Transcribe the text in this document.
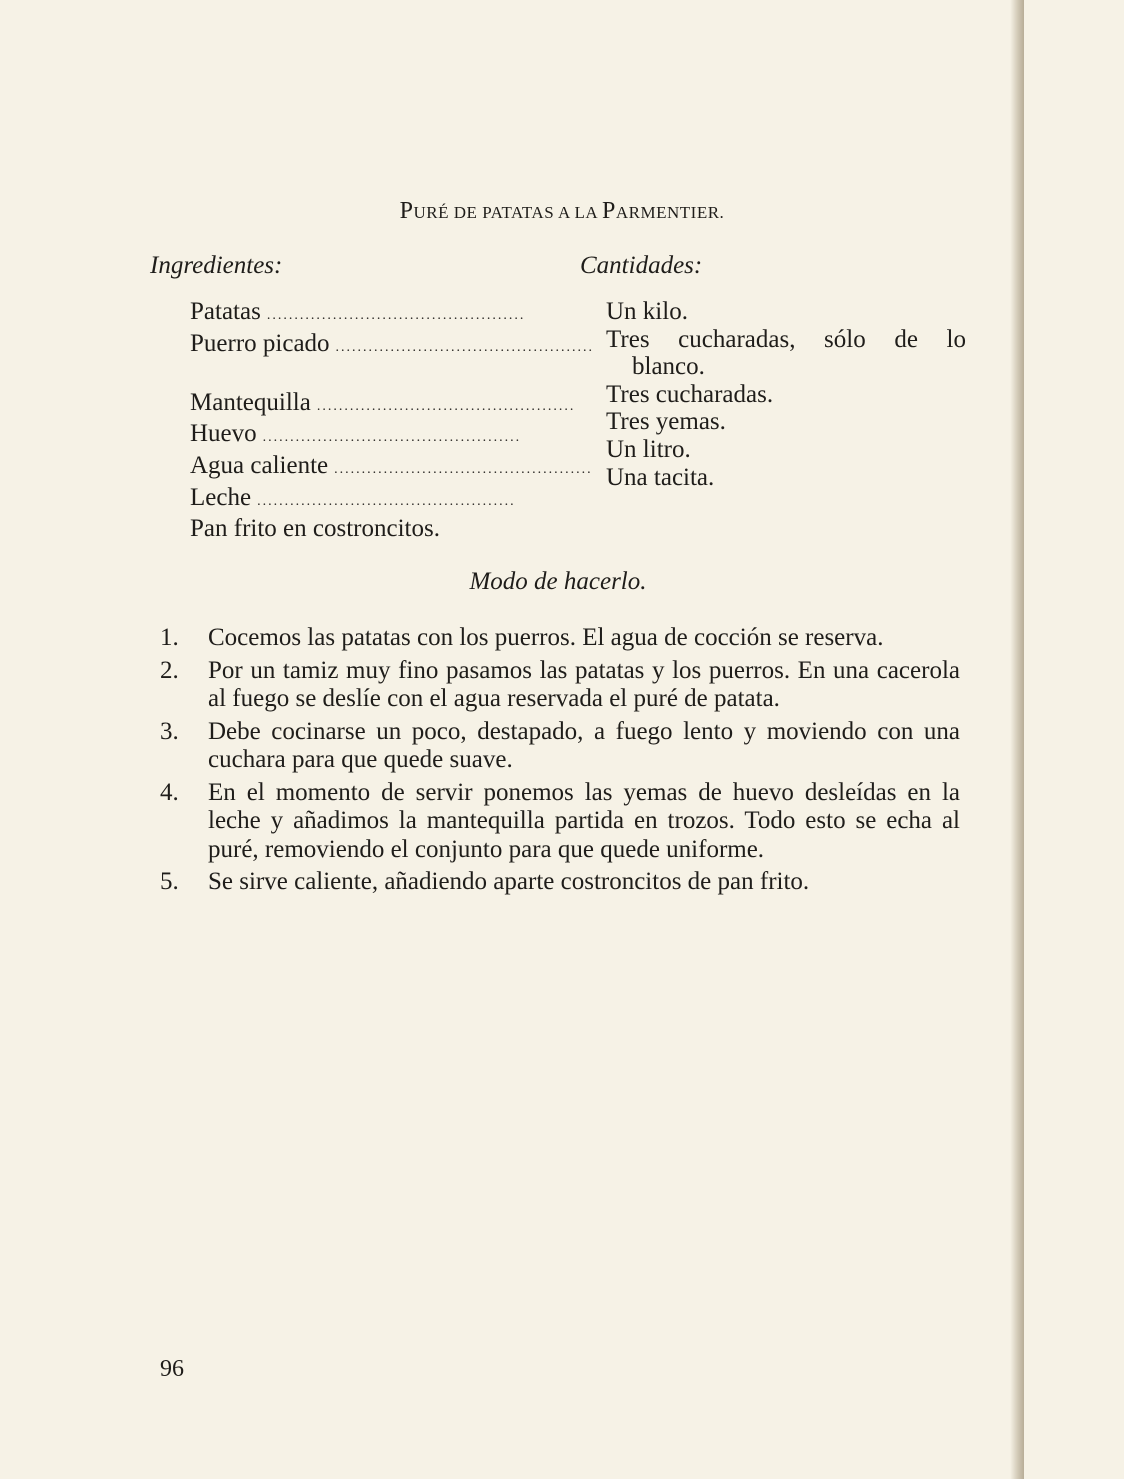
PURÉ DE PATATAS A LA PARMENTIER.
Ingredientes:	Cantidades:
Patatas ...............................................
Puerro picado ...............................................
Mantequilla ...............................................
Huevo ...............................................
Agua caliente ...............................................
Leche ...............................................
Pan frito en costroncitos.
Un kilo.
Tres cucharadas, sólo de lo
blanco.
Tres cucharadas.
Tres yemas.
Un litro.
Una tacita.
Modo de hacerlo.
1. Cocemos las patatas con los puerros. El agua de cocción se reserva.
2. Por un tamiz muy fino pasamos las patatas y los puerros. En una cacerola al fuego se deslíe con el agua reservada el puré de patata.
3. Debe cocinarse un poco, destapado, a fuego lento y moviendo con una cuchara para que quede suave.
4. En el momento de servir ponemos las yemas de huevo desleídas en la leche y añadimos la mantequilla partida en trozos. Todo esto se echa al puré, removiendo el conjunto para que quede uniforme.
5. Se sirve caliente, añadiendo aparte costroncitos de pan frito.
96
